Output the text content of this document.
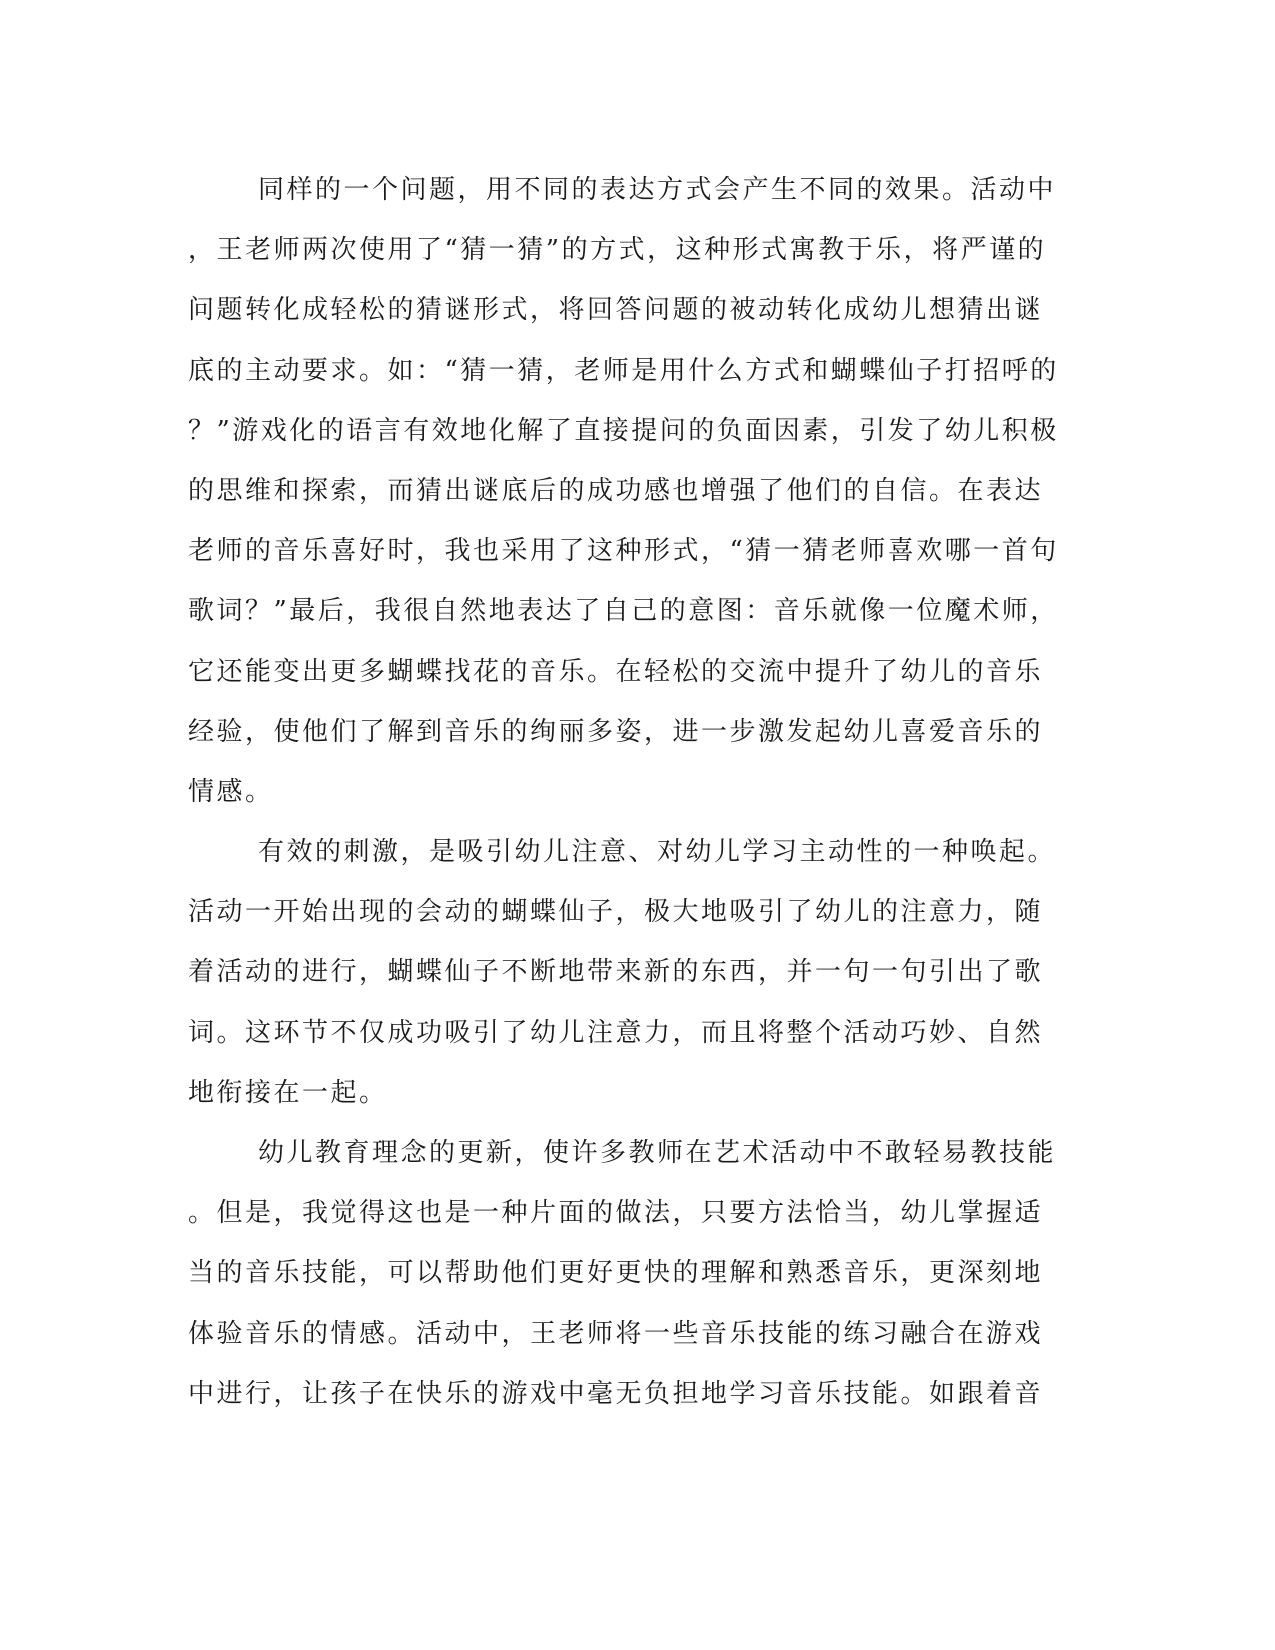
同样的一个问题，用不同的表达方式会产生不同的效果。活动中
，王老师两次使用了“猜一猜”的方式，这种形式寓教于乐，将严谨的
问题转化成轻松的猜谜形式，将回答问题的被动转化成幼儿想猜出谜
底的主动要求。如：“猜一猜，老师是用什么方式和蝴蝶仙子打招呼的
？”游戏化的语言有效地化解了直接提问的负面因素，引发了幼儿积极
的思维和探索，而猜出谜底后的成功感也增强了他们的自信。在表达
老师的音乐喜好时，我也采用了这种形式，“猜一猜老师喜欢哪一首句
歌词？”最后，我很自然地表达了自己的意图：音乐就像一位魔术师，
它还能变出更多蝴蝶找花的音乐。在轻松的交流中提升了幼儿的音乐
经验，使他们了解到音乐的绚丽多姿，进一步激发起幼儿喜爱音乐的
情感。
有效的刺激，是吸引幼儿注意、对幼儿学习主动性的一种唤起。
活动一开始出现的会动的蝴蝶仙子，极大地吸引了幼儿的注意力，随
着活动的进行，蝴蝶仙子不断地带来新的东西，并一句一句引出了歌
词。这环节不仅成功吸引了幼儿注意力，而且将整个活动巧妙、自然
地衔接在一起。
幼儿教育理念的更新，使许多教师在艺术活动中不敢轻易教技能
。但是，我觉得这也是一种片面的做法，只要方法恰当，幼儿掌握适
当的音乐技能，可以帮助他们更好更快的理解和熟悉音乐，更深刻地
体验音乐的情感。活动中，王老师将一些音乐技能的练习融合在游戏
中进行，让孩子在快乐的游戏中毫无负担地学习音乐技能。如跟着音
